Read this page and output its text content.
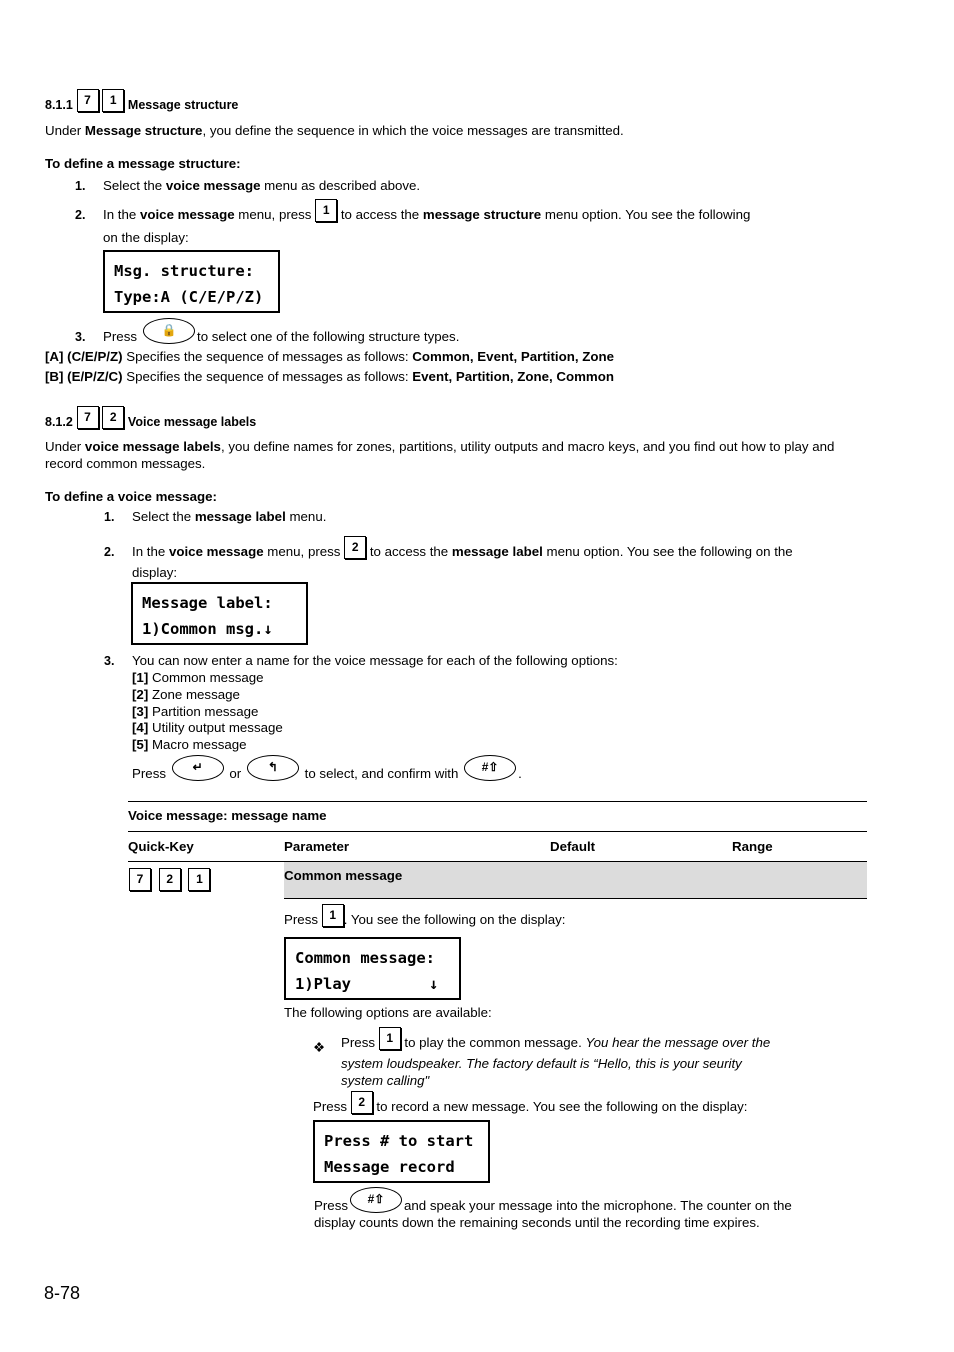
8.1.1 7 1 Message structure
Under Message structure, you define the sequence in which the voice messages are transmitted.
To define a message structure:
1. Select the voice message menu as described above.
2. In the voice message menu, press 1 to access the message structure menu option. You see the following
on the display:
Msg. structure:
Type:A (C/E/P/Z)
3. Press 🔒 to select one of the following structure types.
[A] (C/E/P/Z) Specifies the sequence of messages as follows: Common, Event, Partition, Zone
[B] (E/P/Z/C) Specifies the sequence of messages as follows: Event, Partition, Zone, Common
8.1.2 7 2 Voice message labels
Under voice message labels, you define names for zones, partitions, utility outputs and macro keys, and you find out how to play and
record common messages.
To define a voice message:
1. Select the message label menu.
2. In the voice message menu, press 2 to access the message label menu option. You see the following on the
display:
Message label:
1)Common msg.↓
3. You can now enter a name for the voice message for each of the following options:
[1] Common message
[2] Zone message
[3] Partition message
[4] Utility output message
[5] Macro message
Press ↵ or ↰ to select, and confirm with #⇧ .
Voice message: message name
Quick-Key	Parameter	Default	Range
7 2 1	Common message
Press 1 . You see the following on the display:
Common message:
1)Play	↓
The following options are available:
❖ Press 1 to play the common message. You hear the message over the
system loudspeaker. The factory default is “Hello, this is your seurity
system calling"
Press 2 to record a new message. You see the following on the display:
Press # to start
Message record
Press #⇧ and speak your message into the microphone. The counter on the
display counts down the remaining seconds until the recording time expires.
8-78
